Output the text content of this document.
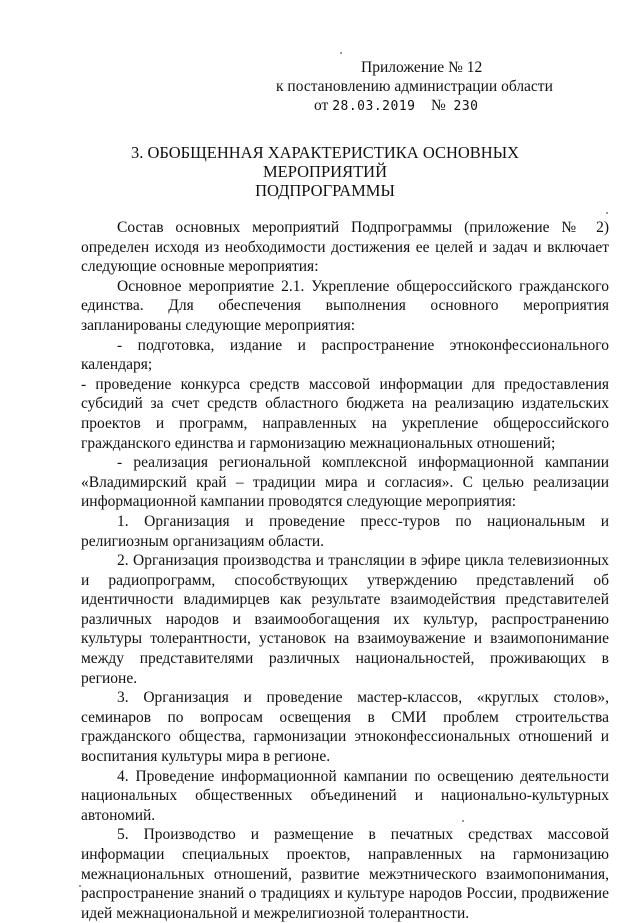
Приложение № 12
к постановлению администрации области
от 28.03.2019 № 230
3. ОБОБЩЕННАЯ ХАРАКТЕРИСТИКА ОСНОВНЫХ МЕРОПРИЯТИЙ
ПОДПРОГРАММЫ

Состав основных мероприятий Подпрограммы (приложение № 2) определен исходя из необходимости достижения ее целей и задач и включает следующие основные мероприятия:

Основное мероприятие 2.1. Укрепление общероссийского гражданского единства. Для обеспечения выполнения основного мероприятия запланированы следующие мероприятия:

- подготовка, издание и распространение этноконфессионального календаря;

- проведение конкурса средств массовой информации для предоставления субсидий за счет средств областного бюджета на реализацию издательских проектов и программ, направленных на укрепление общероссийского гражданского единства и гармонизацию межнациональных отношений;

- реализация региональной комплексной информационной кампании «Владимирский край – традиции мира и согласия». С целью реализации информационной кампании проводятся следующие мероприятия:

1. Организация и проведение пресс-туров по национальным и религиозным организациям области.

2. Организация производства и трансляции в эфире цикла телевизионных и радиопрограмм, способствующих утверждению представлений об идентичности владимирцев как результате взаимодействия представителей различных народов и взаимообогащения их культур, распространению культуры толерантности, установок на взаимоуважение и взаимопонимание между представителями различных национальностей, проживающих в регионе.

3. Организация и проведение мастер-классов, «круглых столов», семинаров по вопросам освещения в СМИ проблем строительства гражданского общества, гармонизации этноконфессиональных отношений и воспитания культуры мира в регионе.

4. Проведение информационной кампании по освещению деятельности национальных общественных объединений и национально-культурных автономий.

5. Производство и размещение в печатных средствах массовой информации специальных проектов, направленных на гармонизацию межнациональных отношений, развитие межэтнического взаимопонимания, распространение знаний о традициях и культуре народов России, продвижение идей межнациональной и межрелигиозной толерантности.
